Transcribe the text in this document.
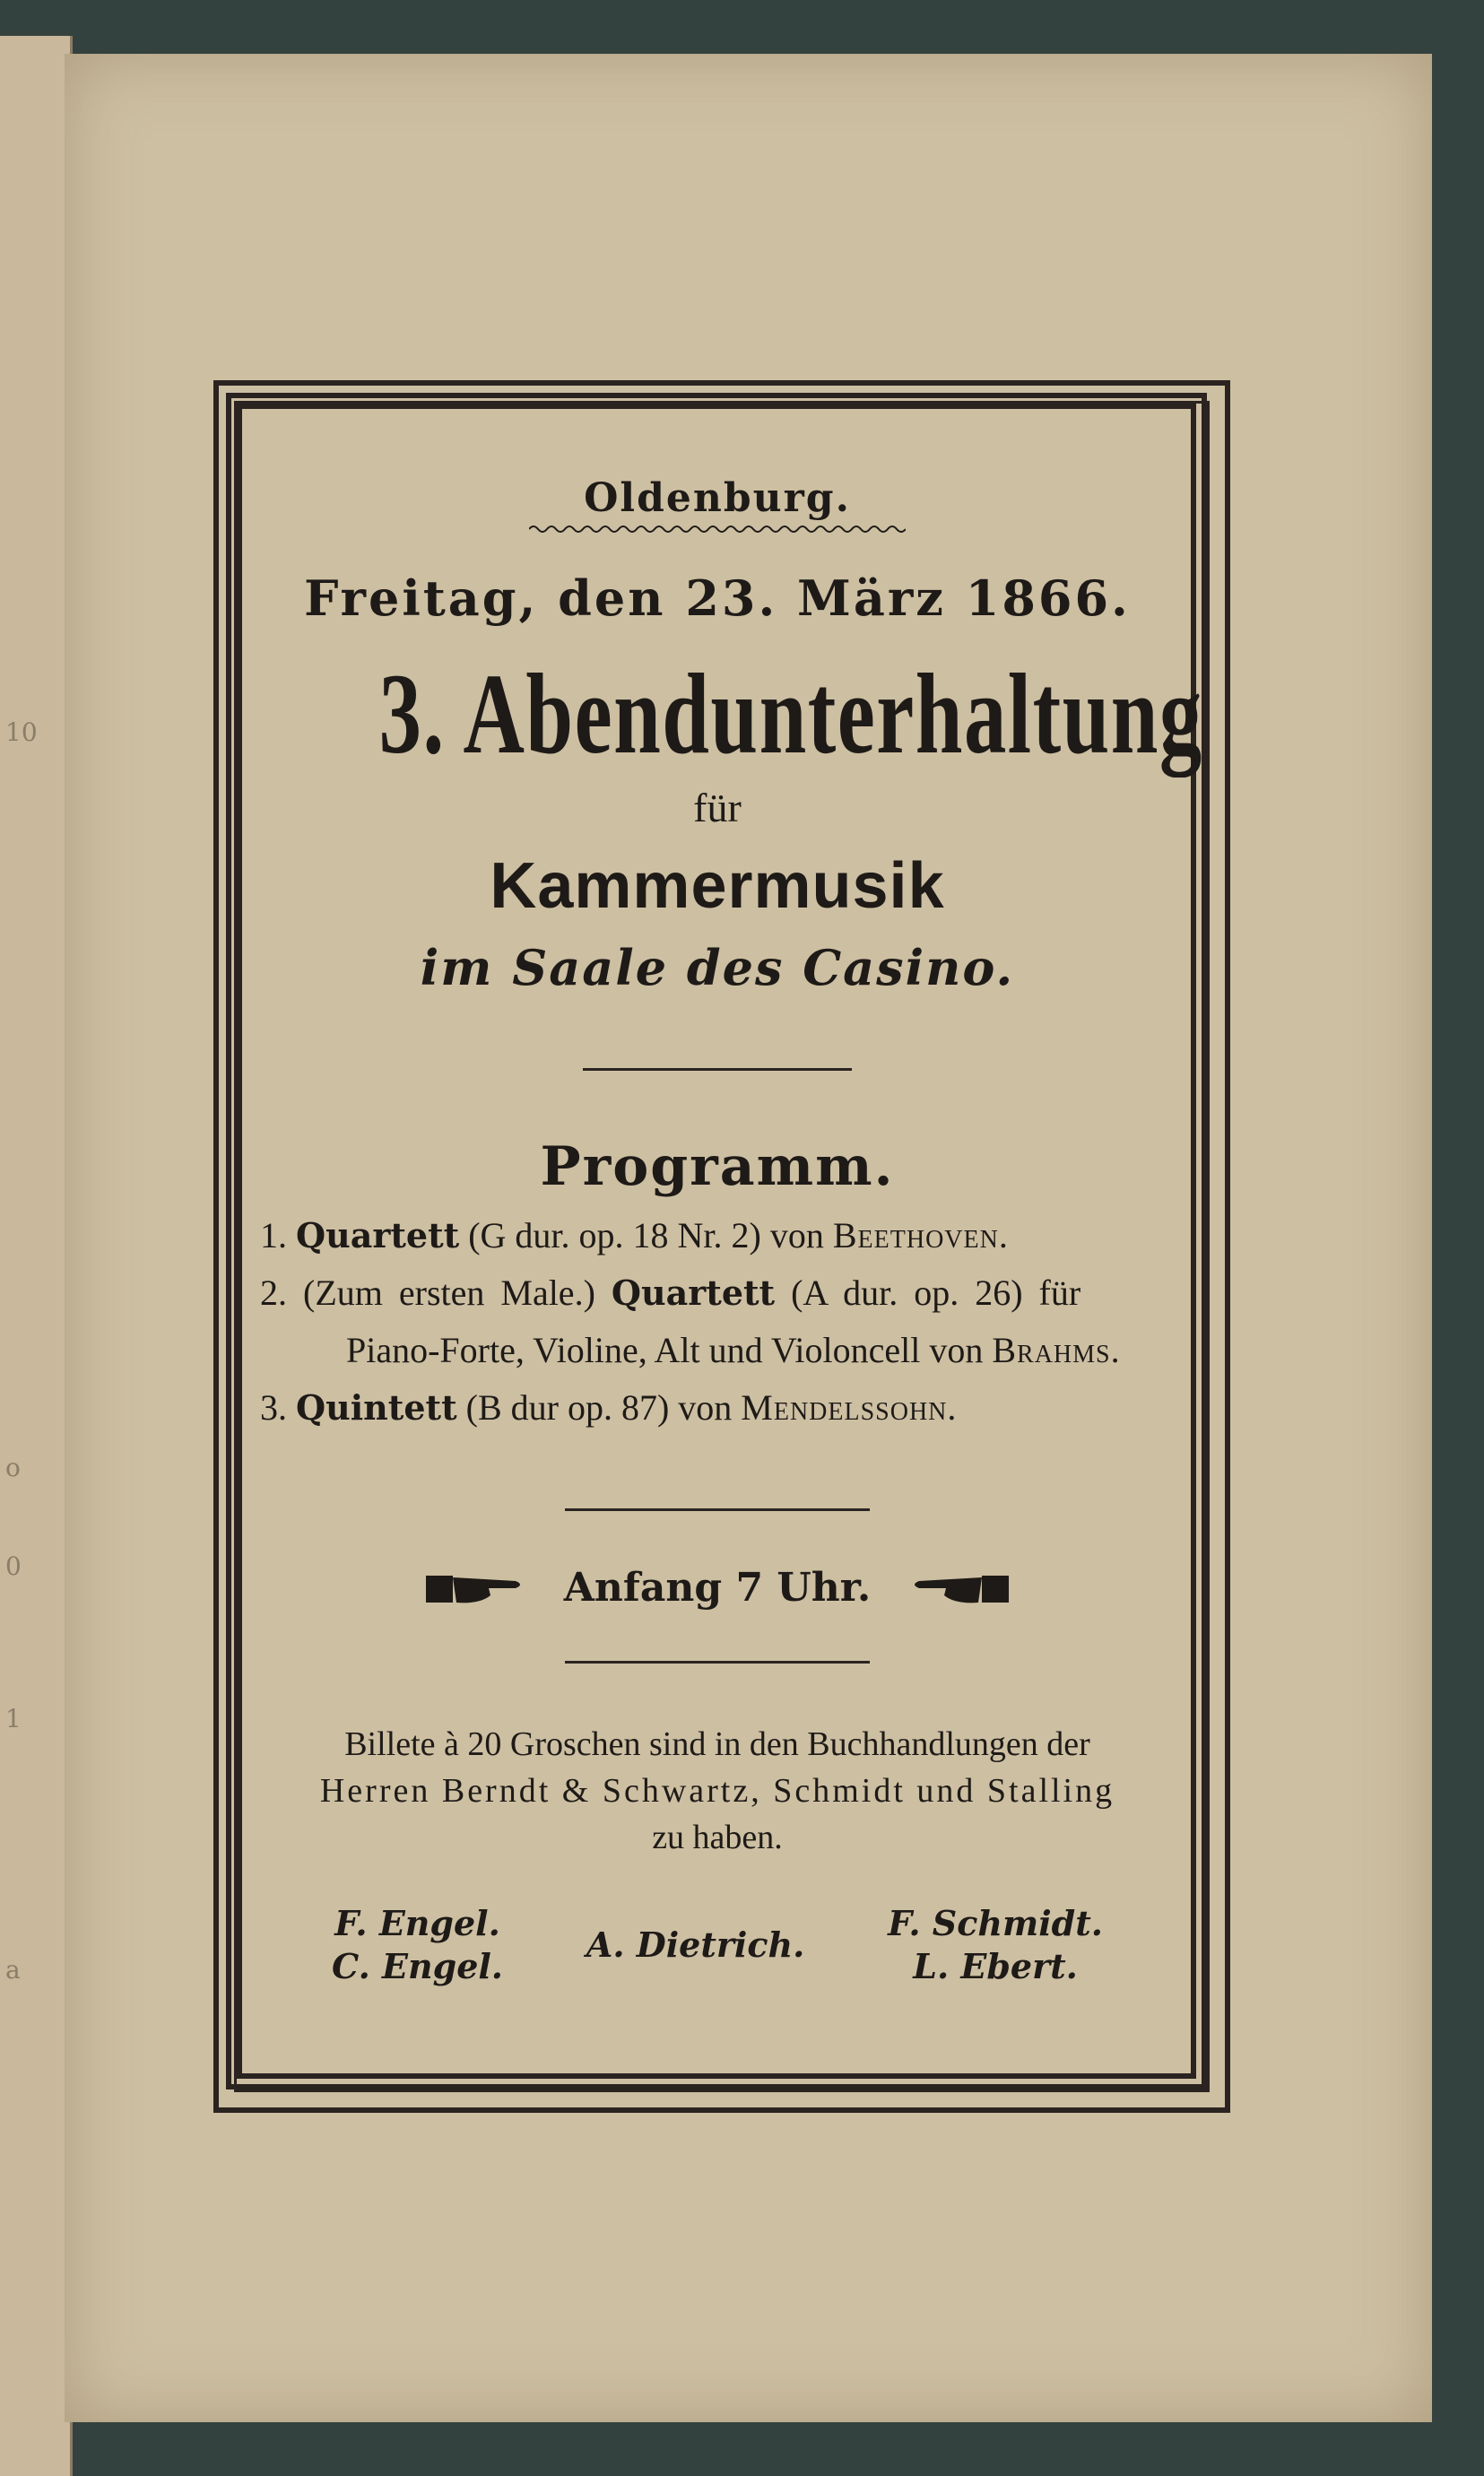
10
o
0
1
a
Oldenburg.
Freitag, den 23. März 1866.
3. Abendunterhaltung
für
Kammermusik
im Saale des Casino.
Programm.
1. Quartett (G dur. op. 18 Nr. 2) von Beethoven.
2. (Zum ersten Male.) Quartett (A dur. op. 26) für
Piano-Forte, Violine, Alt und Violoncell von Brahms.
3. Quintett (B dur op. 87) von Mendelssohn.
Anfang 7 Uhr.
Billete à 20 Groschen sind in den Buchhandlungen der
Herren Berndt & Schwartz, Schmidt und Stalling
zu haben.
F. Engel.
C. Engel.
A. Dietrich.
F. Schmidt.
L. Ebert.
